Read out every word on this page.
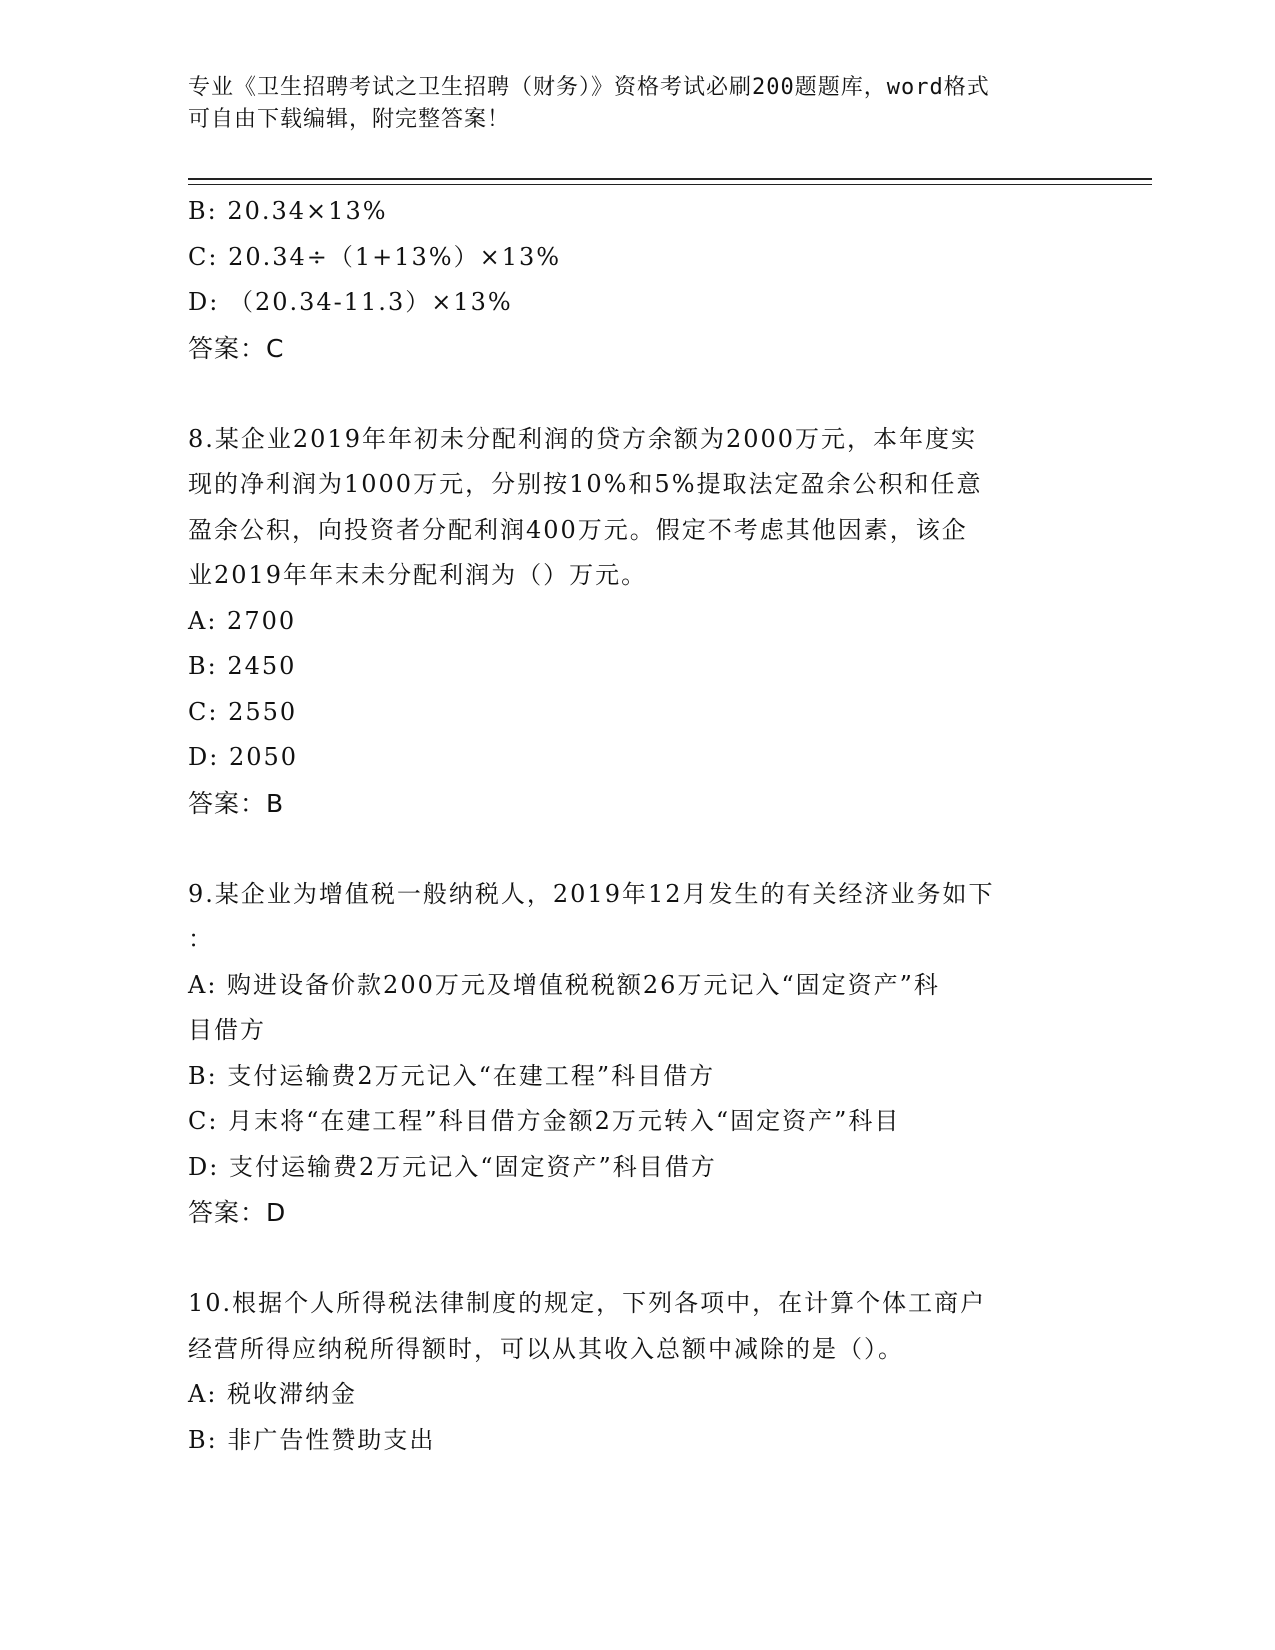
专业《卫生招聘考试之卫生招聘（财务）》资格考试必刷200题题库，word格式
可自由下载编辑，附完整答案！
B: 20.34×13%
C: 20.34÷（1+13%）×13%
D: （20.34-11.3）×13%
答案：C
8.某企业2019年年初未分配利润的贷方余额为2000万元，本年度实
现的净利润为1000万元，分别按10%和5%提取法定盈余公积和任意
盈余公积，向投资者分配利润400万元。假定不考虑其他因素，该企
业2019年年末未分配利润为（）万元。
A: 2700
B: 2450
C: 2550
D: 2050
答案：B
9.某企业为增值税一般纳税人，2019年12月发生的有关经济业务如下
：
A: 购进设备价款200万元及增值税税额26万元记入“固定资产”科
目借方
B: 支付运输费2万元记入“在建工程”科目借方
C: 月末将“在建工程”科目借方金额2万元转入“固定资产”科目
D: 支付运输费2万元记入“固定资产”科目借方
答案：D
10.根据个人所得税法律制度的规定，下列各项中，在计算个体工商户
经营所得应纳税所得额时，可以从其收入总额中减除的是（）。
A: 税收滞纳金
B: 非广告性赞助支出
